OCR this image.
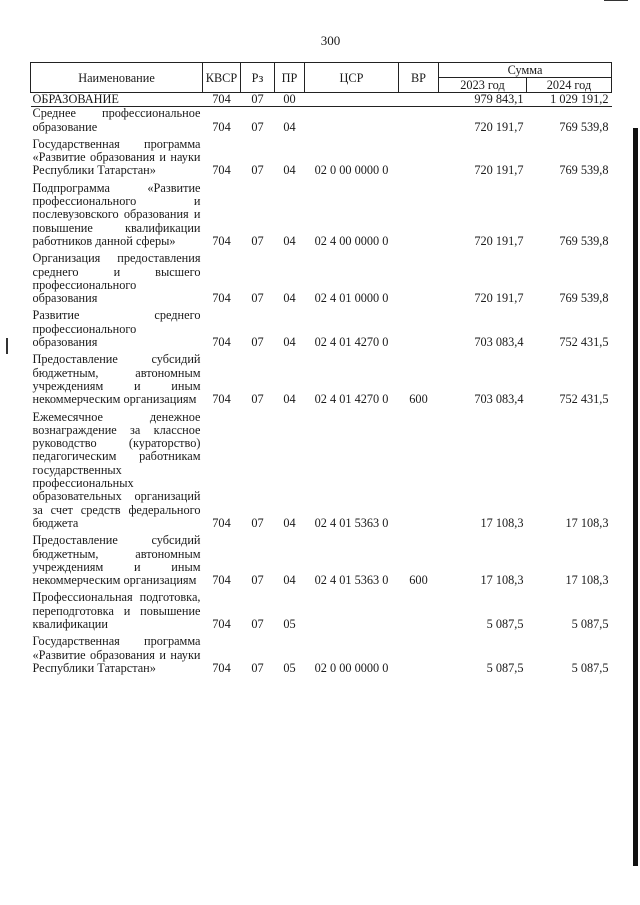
300
Наименование	КВСР	Рз	ПР	ЦСР	ВР	Сумма	
						2023 год	2024 год
ОБРАЗОВАНИЕ	704	07	00			979 843,1	1 029 191,2
Среднее профессиональное образование	704	07	04			720 191,7	769 539,8
Государственная программа «Развитие образования и науки Республики Татарстан»	704	07	04	02 0 00 0000 0		720 191,7	769 539,8
Подпрограмма «Развитие профессионального и послевузовского образования и повышение квалификации работников данной сферы»	704	07	04	02 4 00 0000 0		720 191,7	769 539,8
Организация предоставления среднего и высшего профессионального образования	704	07	04	02 4 01 0000 0		720 191,7	769 539,8
Развитие среднего профессионального образования	704	07	04	02 4 01 4270 0		703 083,4	752 431,5
Предоставление субсидий бюджетным, автономным учреждениям и иным некоммерческим организациям	704	07	04	02 4 01 4270 0	600	703 083,4	752 431,5
Ежемесячное денежное вознаграждение за классное руководство (кураторство) педагогическим работникам государственных профессиональных образовательных организаций за счет средств федерального бюджета	704	07	04	02 4 01 5363 0		17 108,3	17 108,3
Предоставление субсидий бюджетным, автономным учреждениям и иным некоммерческим организациям	704	07	04	02 4 01 5363 0	600	17 108,3	17 108,3
Профессиональная подготовка, переподготовка и повышение квалификации	704	07	05			5 087,5	5 087,5
Государственная программа «Развитие образования и науки Республики Татарстан»	704	07	05	02 0 00 0000 0		5 087,5	5 087,5
